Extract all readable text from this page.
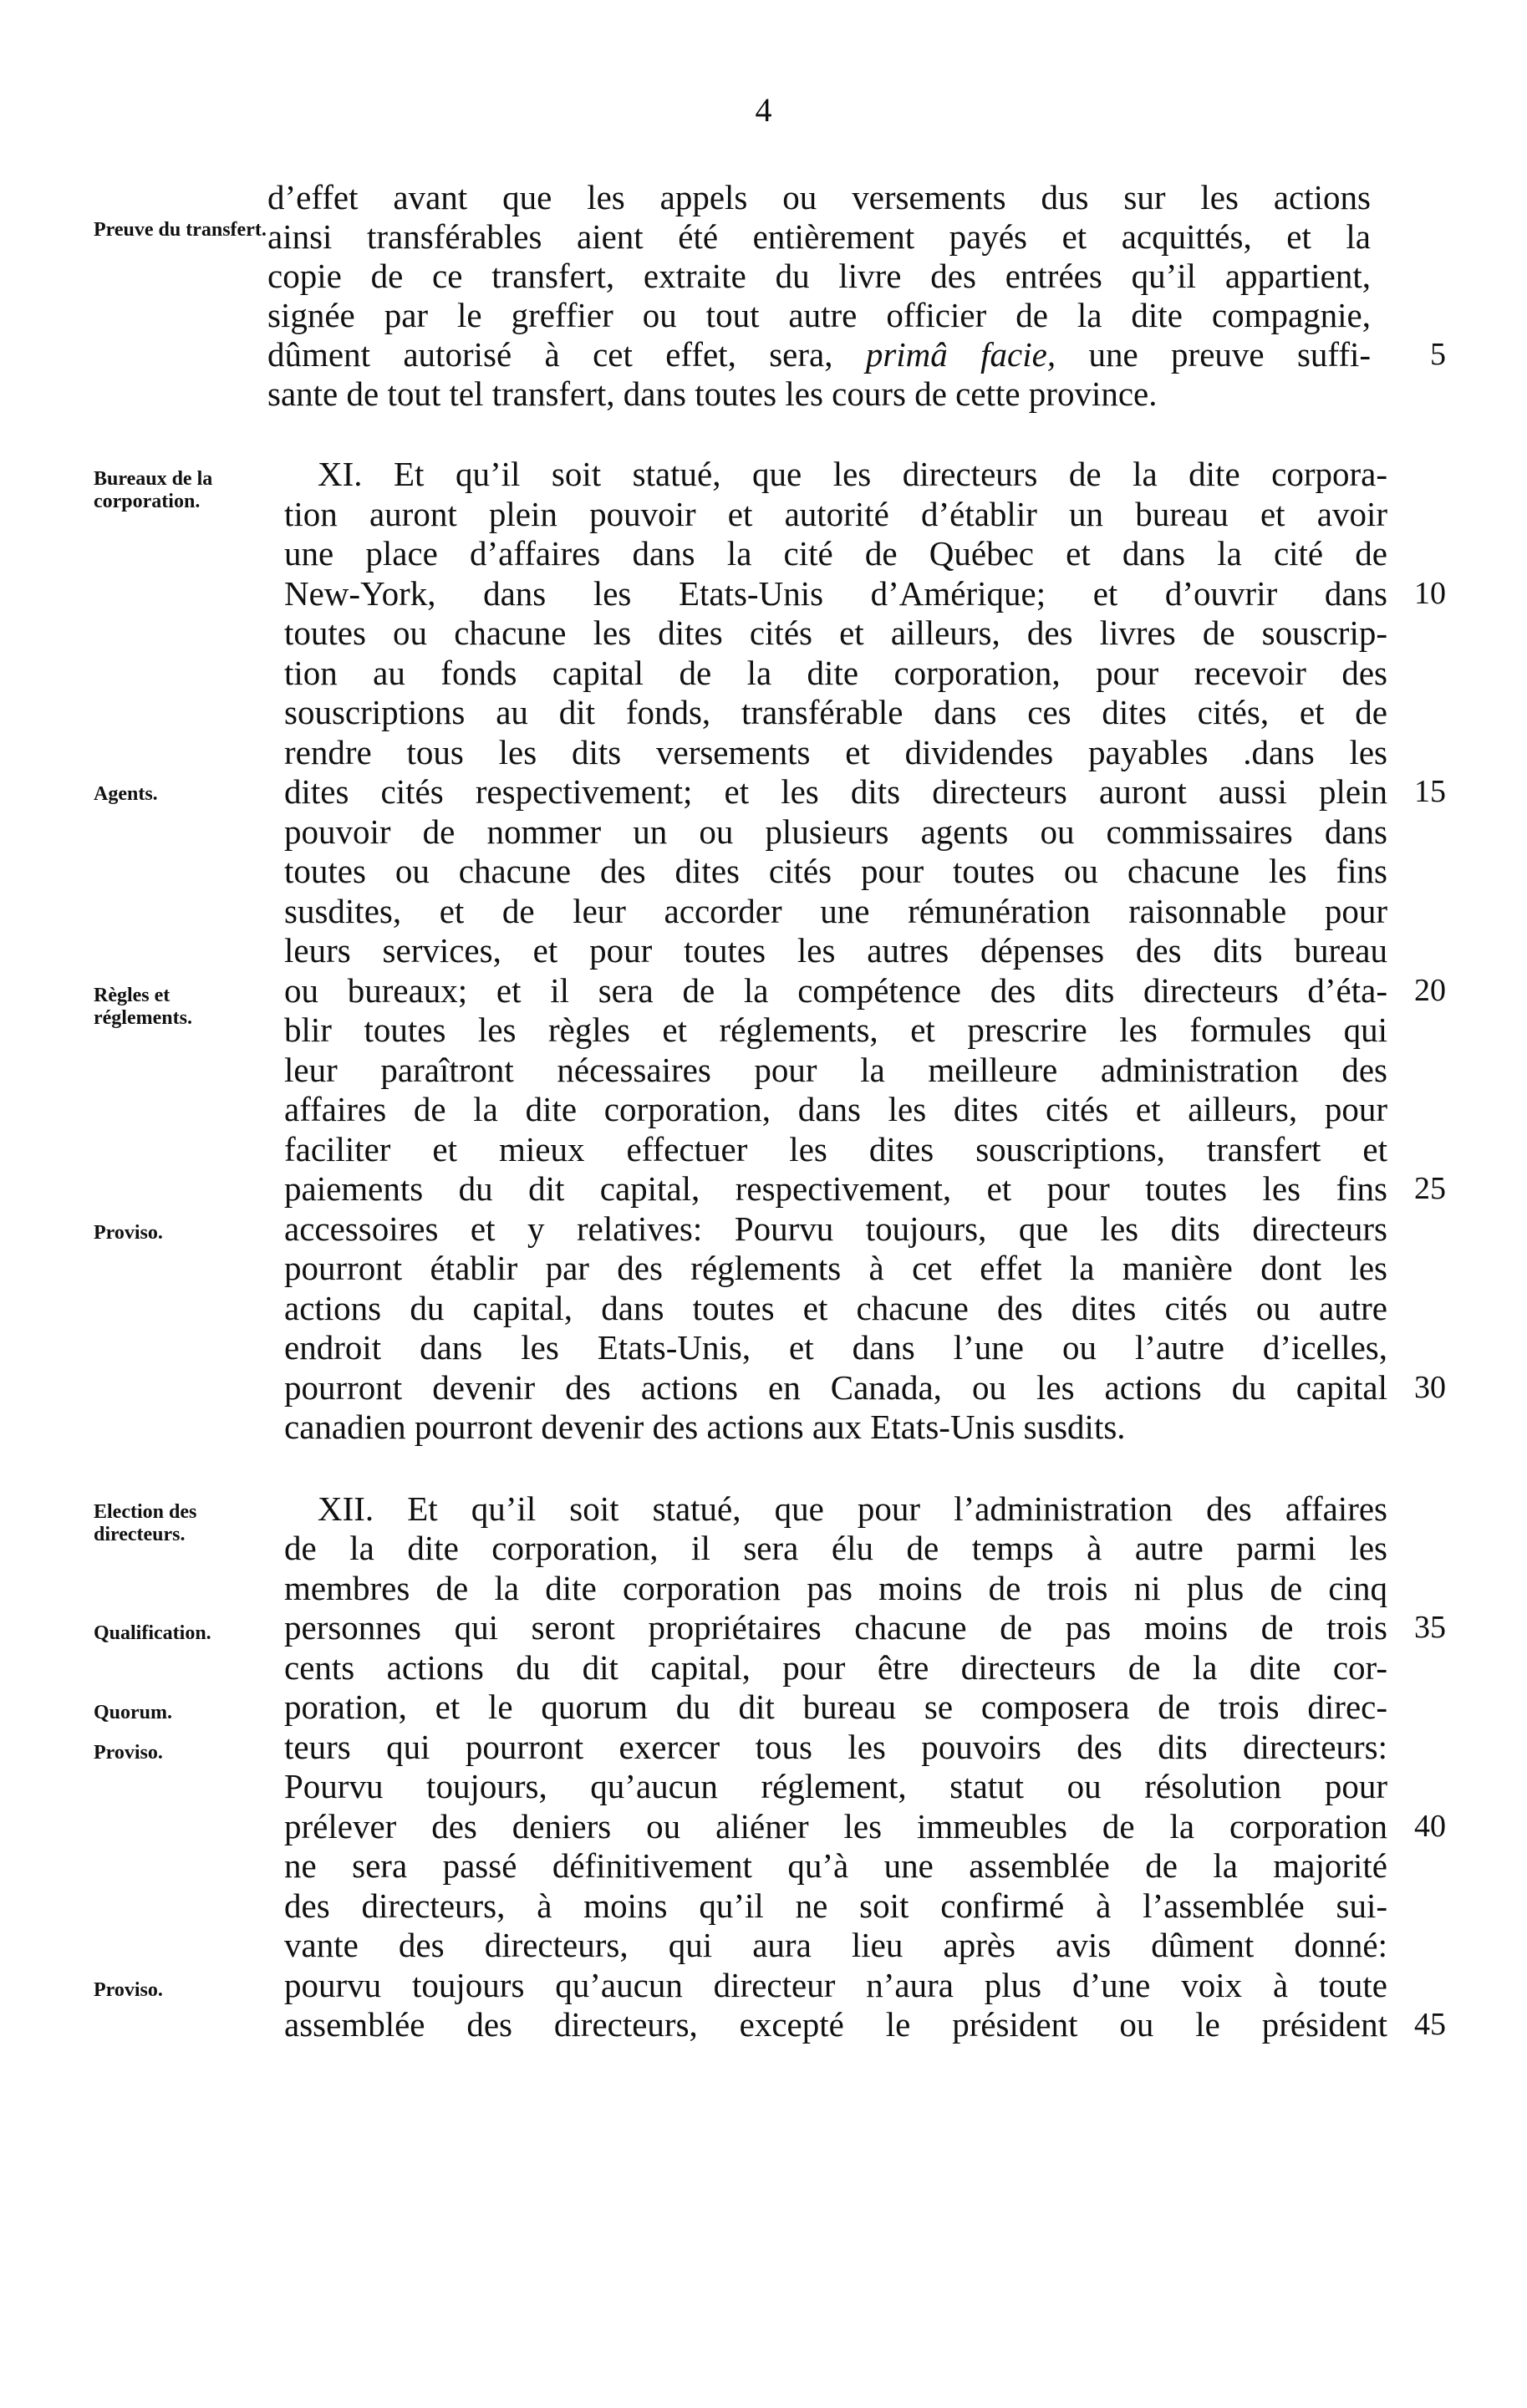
4
d’effet avant que les appels ou versements dus sur les actions
ainsi transférables aient été entièrement payés et acquittés, et la
copie de ce transfert, extraite du livre des entrées qu’il appartient,
signée par le greffier ou tout autre officier de la dite compagnie,
dûment autorisé à cet effet, sera, primâ facie, une preuve suffi-
sante de tout tel transfert, dans toutes les cours de cette province.
XI. Et qu’il soit statué, que les directeurs de la dite corpora-
tion auront plein pouvoir et autorité d’établir un bureau et avoir
une place d’affaires dans la cité de Québec et dans la cité de
New-York, dans les Etats-Unis d’Amérique; et d’ouvrir dans
toutes ou chacune les dites cités et ailleurs, des livres de souscrip-
tion au fonds capital de la dite corporation, pour recevoir des
souscriptions au dit fonds, transférable dans ces dites cités, et de
rendre tous les dits versements et dividendes payables .dans les
dites cités respectivement; et les dits directeurs auront aussi plein
pouvoir de nommer un ou plusieurs agents ou commissaires dans
toutes ou chacune des dites cités pour toutes ou chacune les fins
susdites, et de leur accorder une rémunération raisonnable pour
leurs services, et pour toutes les autres dépenses des dits bureau
ou bureaux; et il sera de la compétence des dits directeurs d’éta-
blir toutes les règles et réglements, et prescrire les formules qui
leur paraîtront nécessaires pour la meilleure administration des
affaires de la dite corporation, dans les dites cités et ailleurs, pour
faciliter et mieux effectuer les dites souscriptions, transfert et
paiements du dit capital, respectivement, et pour toutes les fins
accessoires et y relatives: Pourvu toujours, que les dits directeurs
pourront établir par des réglements à cet effet la manière dont les
actions du capital, dans toutes et chacune des dites cités ou autre
endroit dans les Etats-Unis, et dans l’une ou l’autre d’icelles,
pourront devenir des actions en Canada, ou les actions du capital
canadien pourront devenir des actions aux Etats-Unis susdits.
XII. Et qu’il soit statué, que pour l’administration des affaires
de la dite corporation, il sera élu de temps à autre parmi les
membres de la dite corporation pas moins de trois ni plus de cinq
personnes qui seront propriétaires chacune de pas moins de trois
cents actions du dit capital, pour être directeurs de la dite cor-
poration, et le quorum du dit bureau se composera de trois direc-
teurs qui pourront exercer tous les pouvoirs des dits directeurs:
Pourvu toujours, qu’aucun réglement, statut ou résolution pour
prélever des deniers ou aliéner les immeubles de la corporation
ne sera passé définitivement qu’à une assemblée de la majorité
des directeurs, à moins qu’il ne soit confirmé à l’assemblée sui-
vante des directeurs, qui aura lieu après avis dûment donné:
pourvu toujours qu’aucun directeur n’aura plus d’une voix à toute
assemblée des directeurs, excepté le président ou le président
Preuve du transfert.
Bureaux de la corporation.
Agents.
Règles et réglements.
Proviso.
Election des directeurs.
Qualification.
Quorum.
Proviso.
Proviso.
5
10
15
20
25
30
35
40
45
